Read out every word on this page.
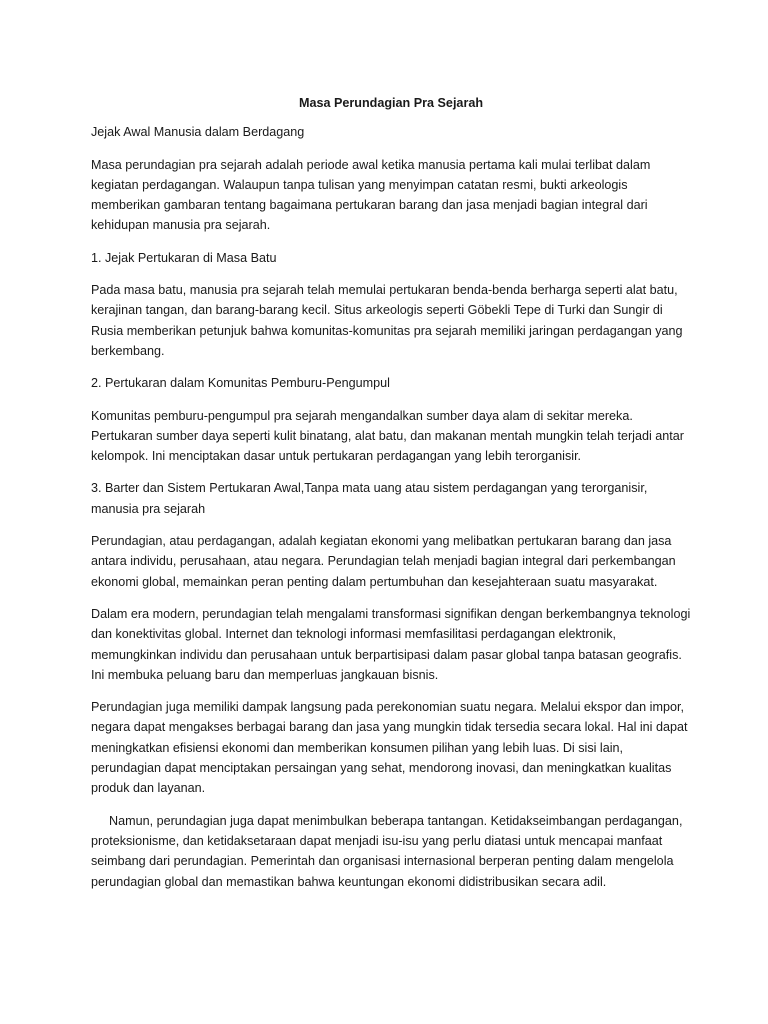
Masa Perundagian Pra Sejarah

Jejak Awal Manusia dalam Berdagang

Masa perundagian pra sejarah adalah periode awal ketika manusia pertama kali mulai terlibat dalam kegiatan perdagangan. Walaupun tanpa tulisan yang menyimpan catatan resmi, bukti arkeologis memberikan gambaran tentang bagaimana pertukaran barang dan jasa menjadi bagian integral dari kehidupan manusia pra sejarah.

1. Jejak Pertukaran di Masa Batu

Pada masa batu, manusia pra sejarah telah memulai pertukaran benda-benda berharga seperti alat batu, kerajinan tangan, dan barang-barang kecil. Situs arkeologis seperti Göbekli Tepe di Turki dan Sungir di Rusia memberikan petunjuk bahwa komunitas-komunitas pra sejarah memiliki jaringan perdagangan yang berkembang.

2. Pertukaran dalam Komunitas Pemburu-Pengumpul

Komunitas pemburu-pengumpul pra sejarah mengandalkan sumber daya alam di sekitar mereka. Pertukaran sumber daya seperti kulit binatang, alat batu, dan makanan mentah mungkin telah terjadi antar kelompok. Ini menciptakan dasar untuk pertukaran perdagangan yang lebih terorganisir.

3. Barter dan Sistem Pertukaran Awal,Tanpa mata uang atau sistem perdagangan yang terorganisir, manusia pra sejarah

Perundagian, atau perdagangan, adalah kegiatan ekonomi yang melibatkan pertukaran barang dan jasa antara individu, perusahaan, atau negara. Perundagian telah menjadi bagian integral dari perkembangan ekonomi global, memainkan peran penting dalam pertumbuhan dan kesejahteraan suatu masyarakat.

Dalam era modern, perundagian telah mengalami transformasi signifikan dengan berkembangnya teknologi dan konektivitas global. Internet dan teknologi informasi memfasilitasi perdagangan elektronik, memungkinkan individu dan perusahaan untuk berpartisipasi dalam pasar global tanpa batasan geografis. Ini membuka peluang baru dan memperluas jangkauan bisnis.

Perundagian juga memiliki dampak langsung pada perekonomian suatu negara. Melalui ekspor dan impor, negara dapat mengakses berbagai barang dan jasa yang mungkin tidak tersedia secara lokal. Hal ini dapat meningkatkan efisiensi ekonomi dan memberikan konsumen pilihan yang lebih luas. Di sisi lain, perundagian dapat menciptakan persaingan yang sehat, mendorong inovasi, dan meningkatkan kualitas produk dan layanan.

Namun, perundagian juga dapat menimbulkan beberapa tantangan. Ketidakseimbangan perdagangan, proteksionisme, dan ketidaksetaraan dapat menjadi isu-isu yang perlu diatasi untuk mencapai manfaat seimbang dari perundagian. Pemerintah dan organisasi internasional berperan penting dalam mengelola perundagian global dan memastikan bahwa keuntungan ekonomi didistribusikan secara adil.
